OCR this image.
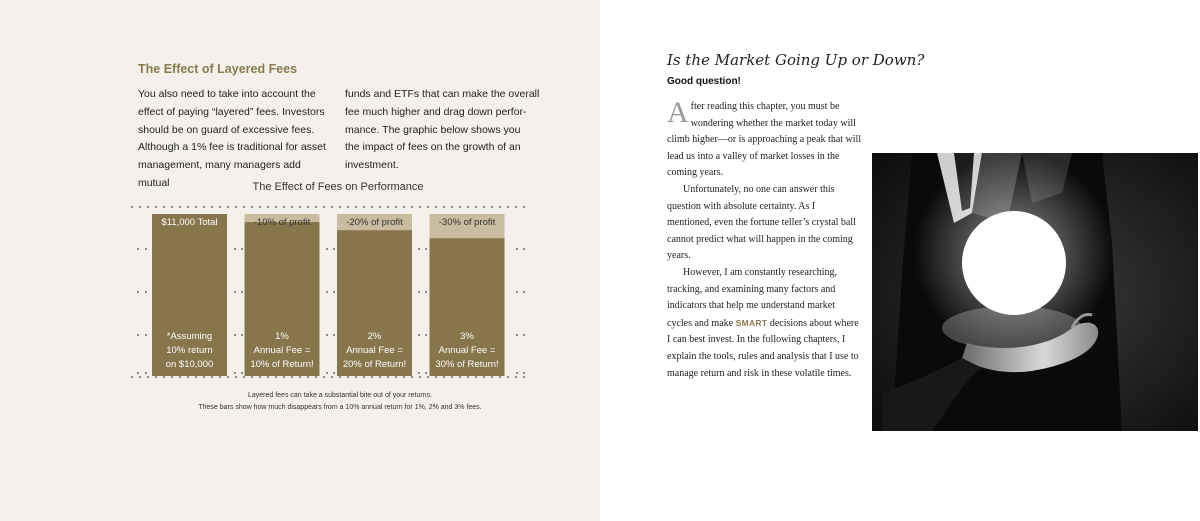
The Effect of Layered Fees
You also need to take into account the
effect of paying “layered” fees. Investors
should be on guard of excessive fees.
Although a 1% fee is traditional for asset
management, many managers add mutual
funds and ETFs that can make the overall
fee much higher and drag down perfor-
mance. The graphic below shows you
the impact of fees on the growth of an
investment.
The Effect of Fees on Performance
$11,000 Total
*Assuming
10% return
on $10,000
-10% of profit
1%
Annual Fee =
10% of Return!
-20% of profit
2%
Annual Fee =
20% of Return!
-30% of profit
3%
Annual Fee =
30% of Return!
Layered fees can take a substantial bite out of your returns.
These bars show how much disappears from a 10% annual return for 1%, 2% and 3% fees.
Is the Market Going Up or Down?
Good question!

After reading this chapter, you must be wondering whether the market today will climb higher—or is approaching a peak that will lead us into a valley of market losses in the coming years.

Unfortunately, no one can answer this question with absolute certainty. As I mentioned, even the fortune teller’s crystal ball cannot predict what will happen in the coming years.

However, I am constantly researching, tracking, and examining many factors and indicators that help me understand market cycles and make SMART decisions about where I can best invest. In the following chapters, I explain the tools, rules and analysis that I use to manage return and risk in these volatile times.
